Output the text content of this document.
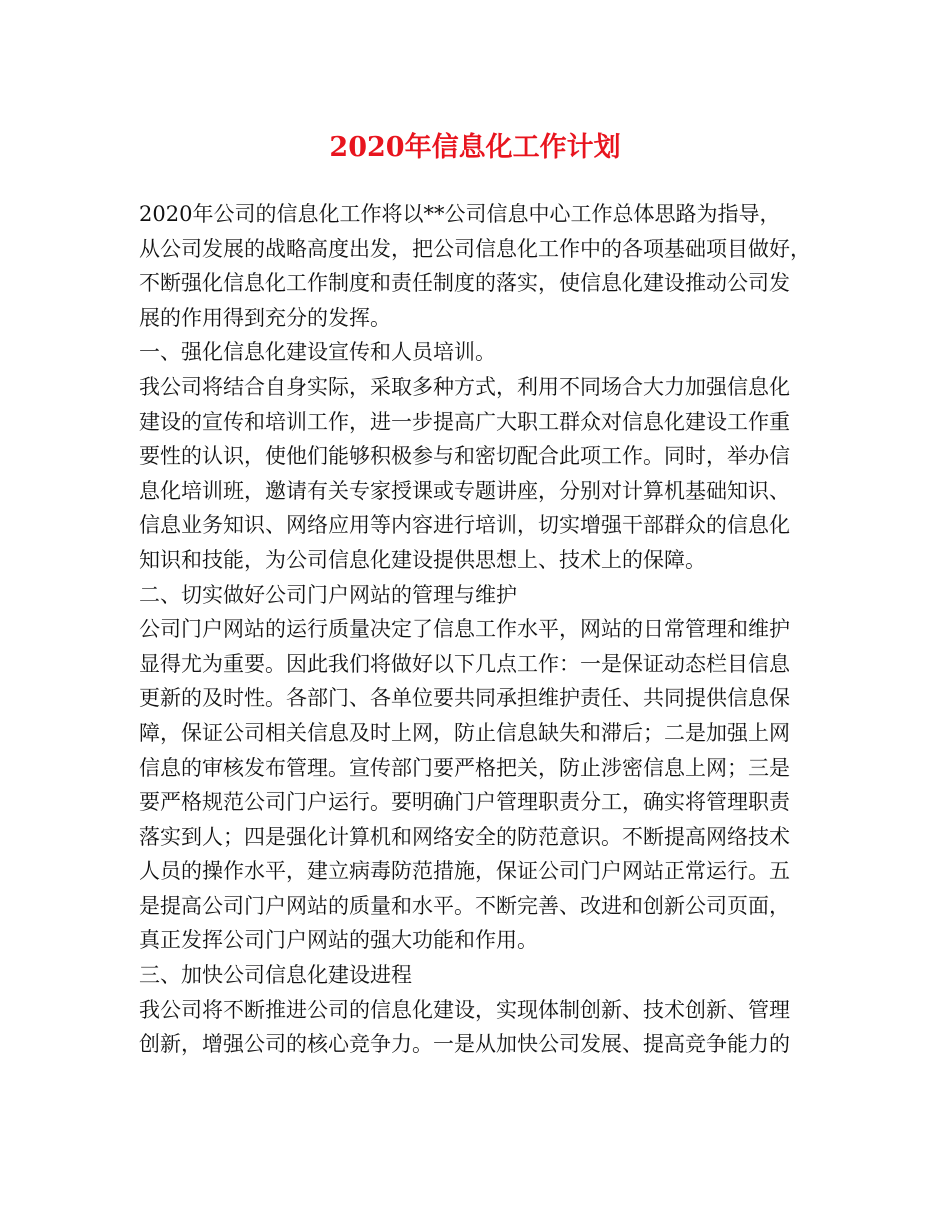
2020年信息化工作计划
2020年公司的信息化工作将以**公司信息中心工作总体思路为指导，
从公司发展的战略高度出发，把公司信息化工作中的各项基础项目做好，
不断强化信息化工作制度和责任制度的落实，使信息化建设推动公司发
展的作用得到充分的发挥。
一、强化信息化建设宣传和人员培训。
我公司将结合自身实际，采取多种方式，利用不同场合大力加强信息化
建设的宣传和培训工作，进一步提高广大职工群众对信息化建设工作重
要性的认识，使他们能够积极参与和密切配合此项工作。同时，举办信
息化培训班，邀请有关专家授课或专题讲座，分别对计算机基础知识、
信息业务知识、网络应用等内容进行培训，切实增强干部群众的信息化
知识和技能，为公司信息化建设提供思想上、技术上的保障。
二、切实做好公司门户网站的管理与维护
公司门户网站的运行质量决定了信息工作水平，网站的日常管理和维护
显得尤为重要。因此我们将做好以下几点工作：一是保证动态栏目信息
更新的及时性。各部门、各单位要共同承担维护责任、共同提供信息保
障，保证公司相关信息及时上网，防止信息缺失和滞后；二是加强上网
信息的审核发布管理。宣传部门要严格把关，防止涉密信息上网；三是
要严格规范公司门户运行。要明确门户管理职责分工，确实将管理职责
落实到人；四是强化计算机和网络安全的防范意识。不断提高网络技术
人员的操作水平，建立病毒防范措施，保证公司门户网站正常运行。五
是提高公司门户网站的质量和水平。不断完善、改进和创新公司页面，
真正发挥公司门户网站的强大功能和作用。
三、加快公司信息化建设进程
我公司将不断推进公司的信息化建设，实现体制创新、技术创新、管理
创新，增强公司的核心竞争力。一是从加快公司发展、提高竞争能力的
